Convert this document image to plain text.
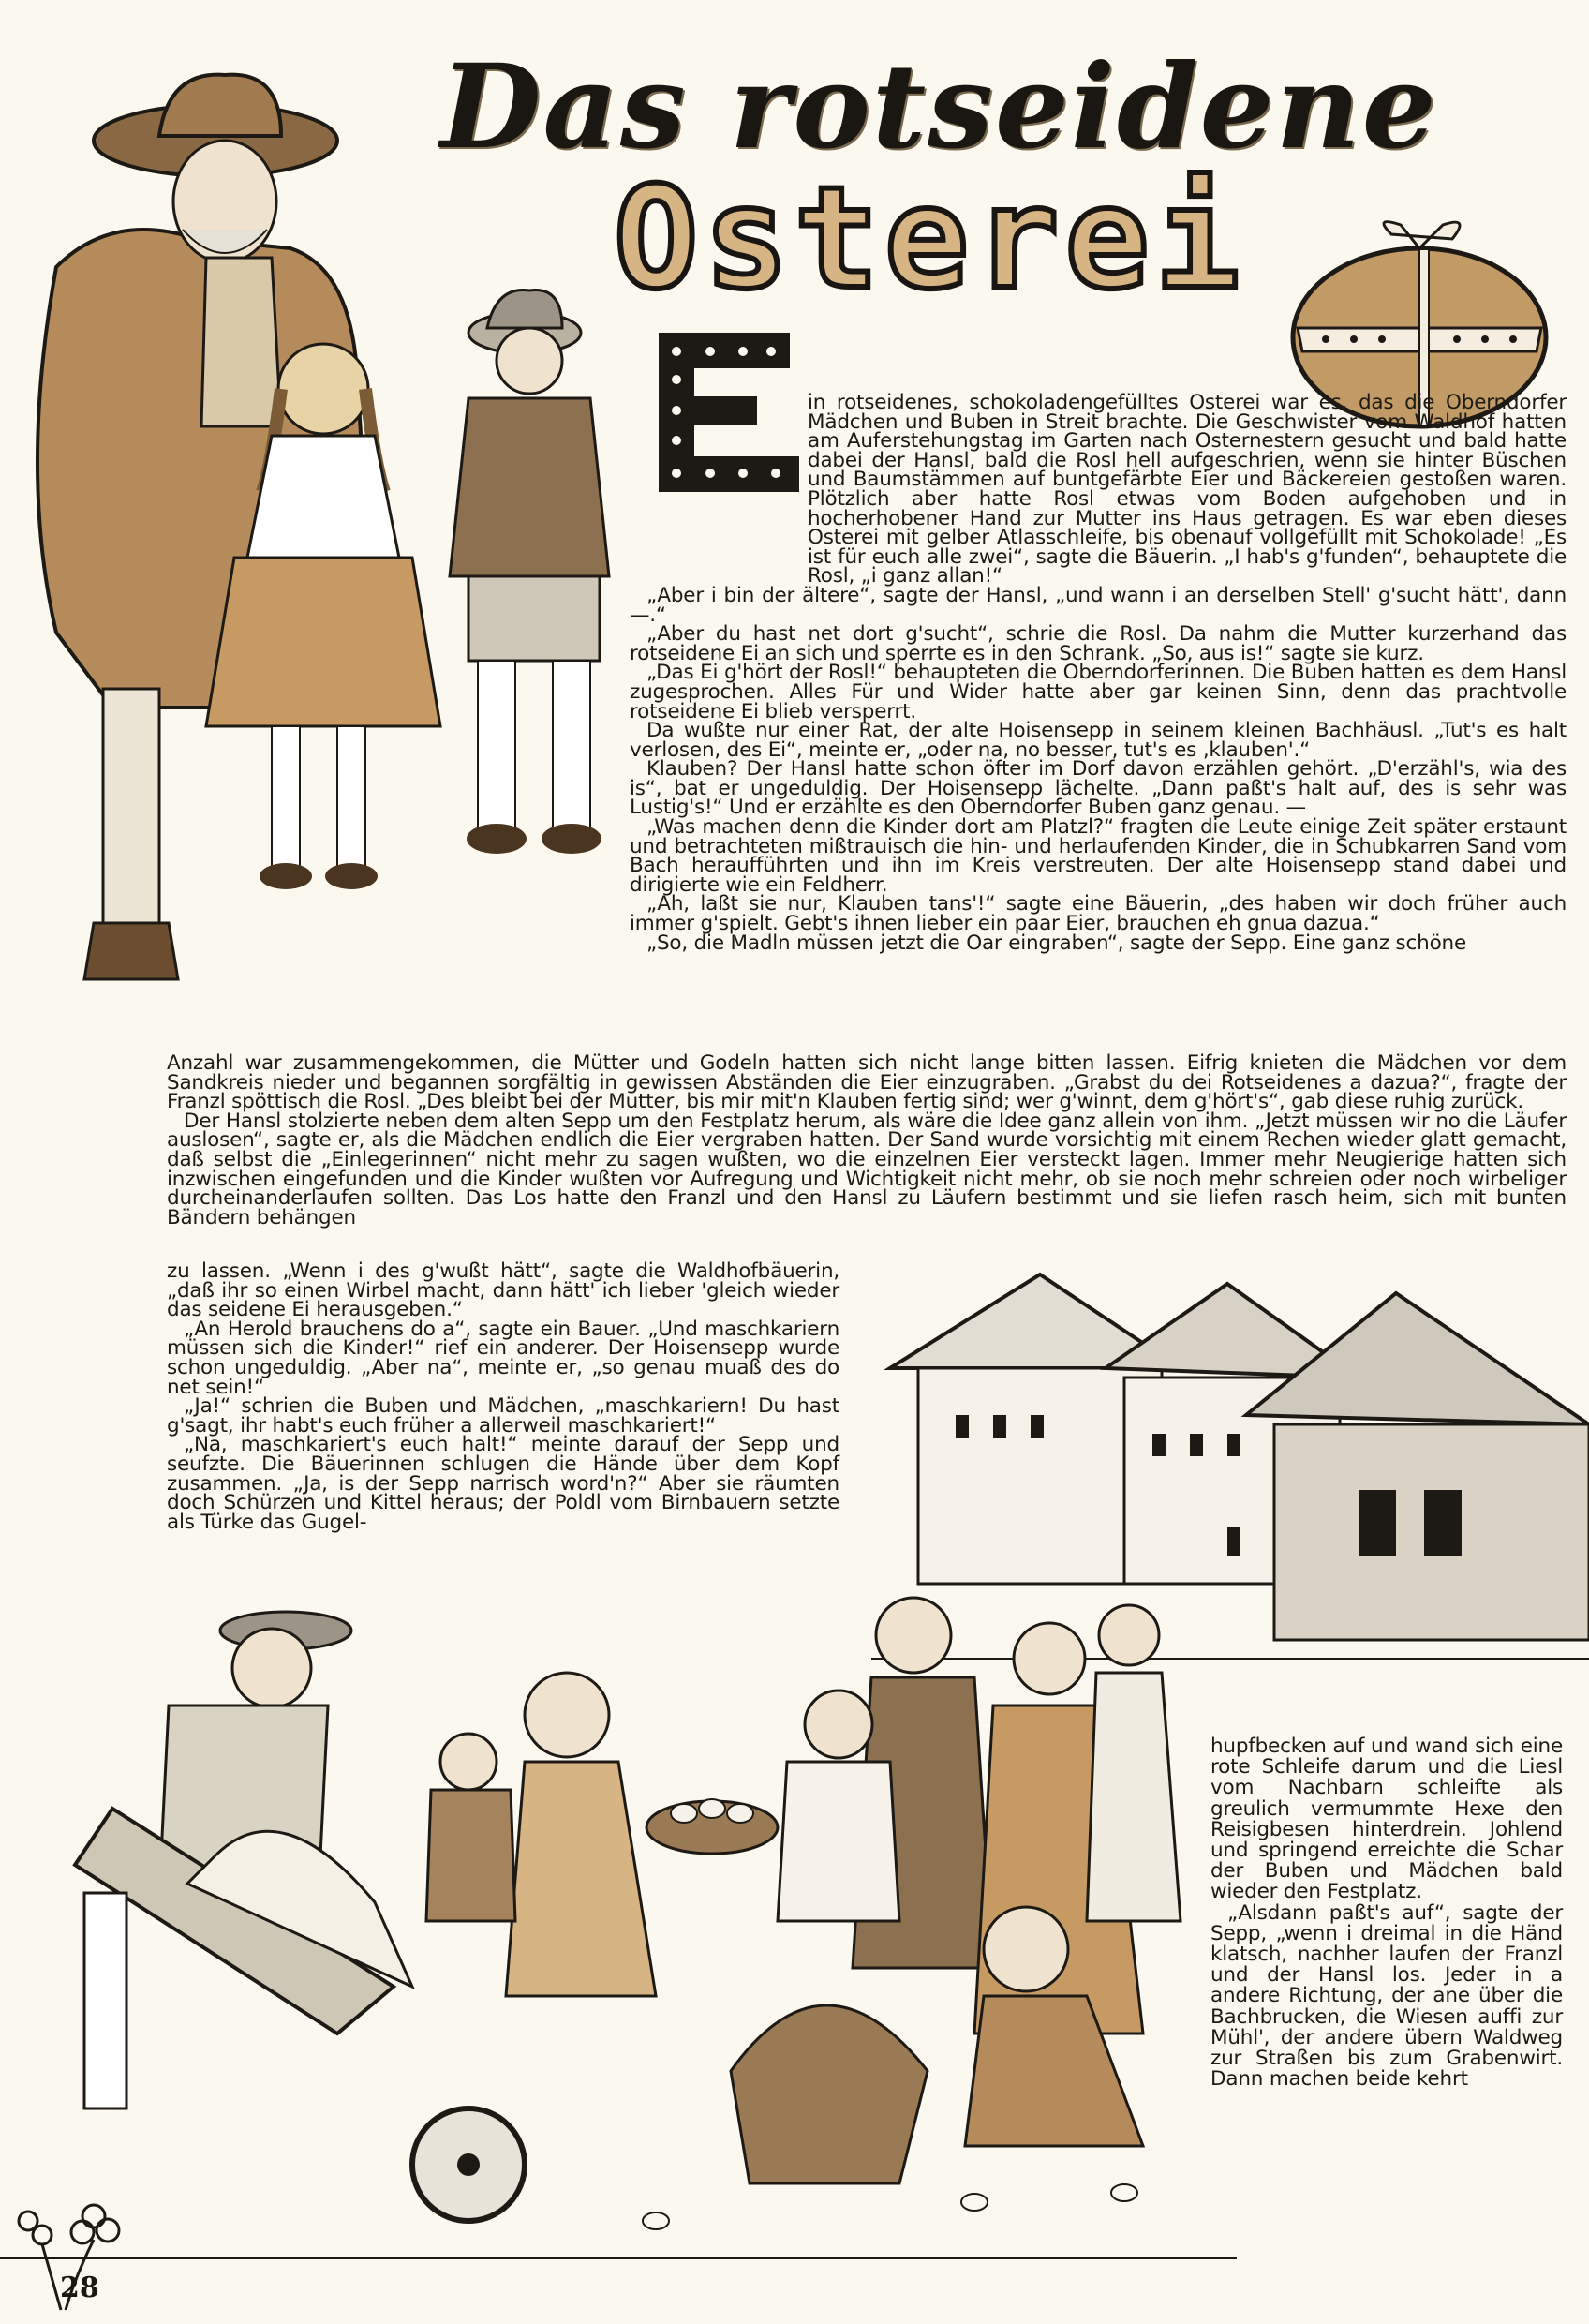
Das rotseidene
Osterei

in rotseidenes, schokoladengefülltes Osterei war es, das die Oberndorfer Mädchen und Buben in Streit brachte. Die Geschwister vom Waldhof hatten am Auferstehungstag im Garten nach Osternestern gesucht und bald hatte dabei der Hansl, bald die Rosl hell aufgeschrien, wenn sie hinter Büschen und Baumstämmen auf buntgefärbte Eier und Bäckereien gestoßen waren. Plötzlich aber hatte Rosl etwas vom Boden aufgehoben und in hocherhobener Hand zur Mutter ins Haus getragen. Es war eben dieses Osterei mit gelber Atlasschleife, bis obenauf vollgefüllt mit Schokolade! „Es ist für euch alle zwei“, sagte die Bäuerin. „I hab's g'funden“, behauptete die Rosl, „i ganz allan!“

„Aber i bin der ältere“, sagte der Hansl, „und wann i an derselben Stell' g'sucht hätt', dann —.“

„Aber du hast net dort g'sucht“, schrie die Rosl. Da nahm die Mutter kurzerhand das rotseidene Ei an sich und sperrte es in den Schrank. „So, aus is!“ sagte sie kurz.

„Das Ei g'hört der Rosl!“ behaupteten die Oberndorferinnen. Die Buben hatten es dem Hansl zugesprochen. Alles Für und Wider hatte aber gar keinen Sinn, denn das prachtvolle rotseidene Ei blieb versperrt.

Da wußte nur einer Rat, der alte Hoisensepp in seinem kleinen Bachhäusl. „Tut's es halt verlosen, des Ei“, meinte er, „oder na, no besser, tut's es ‚klauben'.“

Klauben? Der Hansl hatte schon öfter im Dorf davon erzählen gehört. „D'erzähl's, wia des is“, bat er ungeduldig. Der Hoisensepp lächelte. „Dann paßt's halt auf, des is sehr was Lustig's!“ Und er erzählte es den Oberndorfer Buben ganz genau. —

„Was machen denn die Kinder dort am Platzl?“ fragten die Leute einige Zeit später erstaunt und betrachteten mißtrauisch die hin- und herlaufenden Kinder, die in Schubkarren Sand vom Bach heraufführten und ihn im Kreis verstreuten. Der alte Hoisensepp stand dabei und dirigierte wie ein Feldherr.

„Ah, laßt sie nur, Klauben tans'!“ sagte eine Bäuerin, „des haben wir doch früher auch immer g'spielt. Gebt's ihnen lieber ein paar Eier, brauchen eh gnua dazua.“

„So, die Madln müssen jetzt die Oar eingraben“, sagte der Sepp. Eine ganz schöne

Anzahl war zusammengekommen, die Mütter und Godeln hatten sich nicht lange bitten lassen. Eifrig knieten die Mädchen vor dem Sandkreis nieder und begannen sorgfältig in gewissen Abständen die Eier einzugraben. „Grabst du dei Rotseidenes a dazua?“, fragte der Franzl spöttisch die Rosl. „Des bleibt bei der Mutter, bis mir mit'n Klauben fertig sind; wer g'winnt, dem g'hört's“, gab diese ruhig zurück.

Der Hansl stolzierte neben dem alten Sepp um den Festplatz herum, als wäre die Idee ganz allein von ihm. „Jetzt müssen wir no die Läufer auslosen“, sagte er, als die Mädchen endlich die Eier vergraben hatten. Der Sand wurde vorsichtig mit einem Rechen wieder glatt gemacht, daß selbst die „Einlegerinnen“ nicht mehr zu sagen wußten, wo die einzelnen Eier versteckt lagen. Immer mehr Neugierige hatten sich inzwischen eingefunden und die Kinder wußten vor Aufregung und Wichtigkeit nicht mehr, ob sie noch mehr schreien oder noch wirbeliger durcheinanderlaufen sollten. Das Los hatte den Franzl und den Hansl zu Läufern bestimmt und sie liefen rasch heim, sich mit bunten Bändern behängen

zu lassen. „Wenn i des g'wußt hätt“, sagte die Waldhofbäuerin, „daß ihr so einen Wirbel macht, dann hätt' ich lieber 'gleich wieder das seidene Ei herausgeben.“

„An Herold brauchens do a“, sagte ein Bauer. „Und maschkariern müssen sich die Kinder!“ rief ein anderer. Der Hoisensepp wurde schon ungeduldig. „Aber na“, meinte er, „so genau muaß des do net sein!“

„Ja!“ schrien die Buben und Mädchen, „maschkariern! Du hast g'sagt, ihr habt's euch früher a allerweil maschkariert!“

„Na, maschkariert's euch halt!“ meinte darauf der Sepp und seufzte. Die Bäuerinnen schlugen die Hände über dem Kopf zusammen. „Ja, is der Sepp narrisch word'n?“ Aber sie räumten doch Schürzen und Kittel heraus; der Poldl vom Birnbauern setzte als Türke das Gugel-

hupfbecken auf und wand sich eine rote Schleife darum und die Liesl vom Nachbarn schleifte als greulich vermummte Hexe den Reisigbesen hinterdrein. Johlend und springend erreichte die Schar der Buben und Mädchen bald wieder den Festplatz.

„Alsdann paßt's auf“, sagte der Sepp, „wenn i dreimal in die Händ klatsch, nachher laufen der Franzl und der Hansl los. Jeder in a andere Richtung, der ane über die Bachbrucken, die Wiesen auffi zur Mühl', der andere übern Waldweg zur Straßen bis zum Grabenwirt. Dann machen beide kehrt

28
